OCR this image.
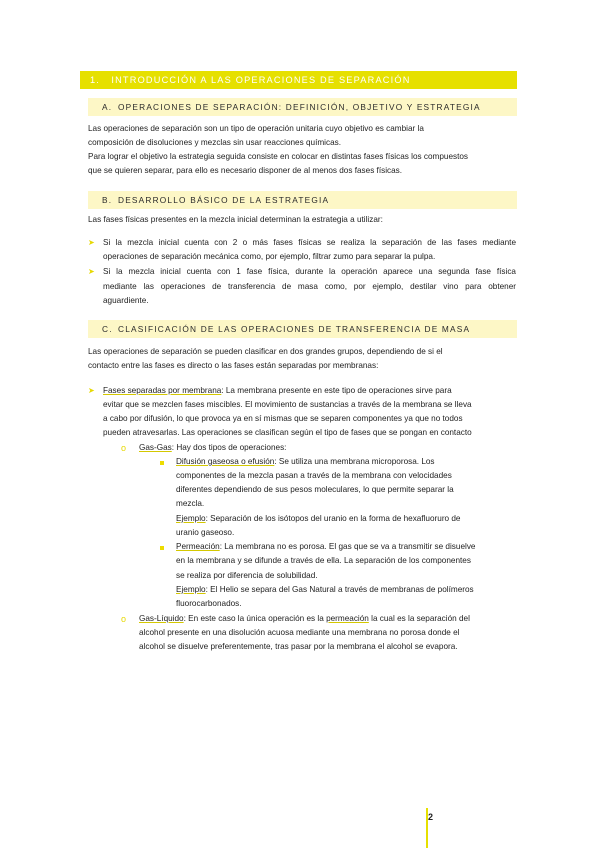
1. INTRODUCCIÓN A LAS OPERACIONES DE SEPARACIÓN
A. OPERACIONES DE SEPARACIÓN: DEFINICIÓN, OBJETIVO Y ESTRATEGIA
Las operaciones de separación son un tipo de operación unitaria cuyo objetivo es cambiar la
composición de disoluciones y mezclas sin usar reacciones químicas.
Para lograr el objetivo la estrategia seguida consiste en colocar en distintas fases físicas los compuestos
que se quieren separar, para ello es necesario disponer de al menos dos fases físicas.
B. DESARROLLO BÁSICO DE LA ESTRATEGIA
Las fases físicas presentes en la mezcla inicial determinan la estrategia a utilizar:
➤ Si la mezcla inicial cuenta con 2 o más fases físicas se realiza la separación de las fases mediante
operaciones de separación mecánica como, por ejemplo, filtrar zumo para separar la pulpa.
➤ Si la mezcla inicial cuenta con 1 fase física, durante la operación aparece una segunda fase física
mediante las operaciones de transferencia de masa como, por ejemplo, destilar vino para obtener
aguardiente.
C. CLASIFICACIÓN DE LAS OPERACIONES DE TRANSFERENCIA DE MASA
Las operaciones de separación se pueden clasificar en dos grandes grupos, dependiendo de si el
contacto entre las fases es directo o las fases están separadas por membranas:
➤ Fases separadas por membrana: La membrana presente en este tipo de operaciones sirve para
evitar que se mezclen fases miscibles. El movimiento de sustancias a través de la membrana se lleva
a cabo por difusión, lo que provoca ya en sí mismas que se separen componentes ya que no todos
pueden atravesarlas. Las operaciones se clasifican según el tipo de fases que se pongan en contacto
o Gas-Gas: Hay dos tipos de operaciones:
Difusión gaseosa o efusión: Se utiliza una membrana microporosa. Los
componentes de la mezcla pasan a través de la membrana con velocidades
diferentes dependiendo de sus pesos moleculares, lo que permite separar la
mezcla.
Ejemplo: Separación de los isótopos del uranio en la forma de hexafluoruro de
uranio gaseoso.
Permeación: La membrana no es porosa. El gas que se va a transmitir se disuelve
en la membrana y se difunde a través de ella. La separación de los componentes
se realiza por diferencia de solubilidad.
Ejemplo: El Helio se separa del Gas Natural a través de membranas de polímeros
fluorocarbonados.
o Gas-Líquido: En este caso la única operación es la permeación la cual es la separación del
alcohol presente en una disolución acuosa mediante una membrana no porosa donde el
alcohol se disuelve preferentemente, tras pasar por la membrana el alcohol se evapora.
2
